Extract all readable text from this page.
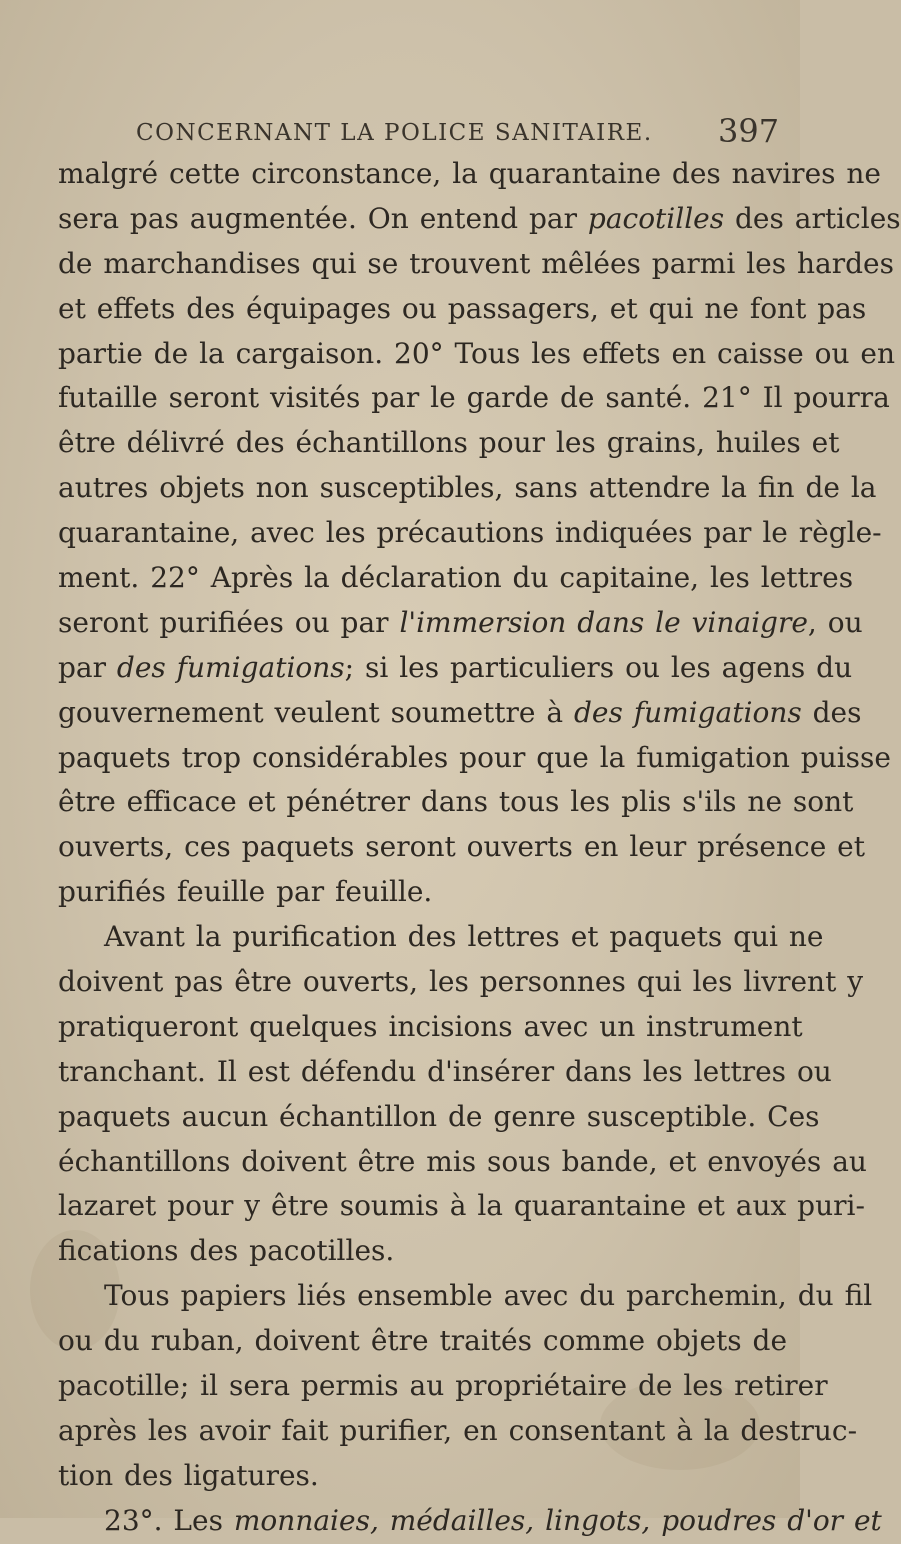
CONCERNANT LA POLICE SANITAIRE. 397
malgré cette circonstance, la quarantaine des navires ne
sera pas augmentée. On entend par pacotilles des articles
de marchandises qui se trouvent mêlées parmi les hardes
et effets des équipages ou passagers, et qui ne font pas
partie de la cargaison. 20° Tous les effets en caisse ou en
futaille seront visités par le garde de santé. 21° Il pourra
être délivré des échantillons pour les grains, huiles et
autres objets non susceptibles, sans attendre la fin de la
quarantaine, avec les précautions indiquées par le règle-
ment. 22° Après la déclaration du capitaine, les lettres
seront purifiées ou par l'immersion dans le vinaigre, ou
par des fumigations; si les particuliers ou les agens du
gouvernement veulent soumettre à des fumigations des
paquets trop considérables pour que la fumigation puisse
être efficace et pénétrer dans tous les plis s'ils ne sont
ouverts, ces paquets seront ouverts en leur présence et
purifiés feuille par feuille.
Avant la purification des lettres et paquets qui ne
doivent pas être ouverts, les personnes qui les livrent y
pratiqueront quelques incisions avec un instrument
tranchant. Il est défendu d'insérer dans les lettres ou
paquets aucun échantillon de genre susceptible. Ces
échantillons doivent être mis sous bande, et envoyés au
lazaret pour y être soumis à la quarantaine et aux puri-
fications des pacotilles.
Tous papiers liés ensemble avec du parchemin, du fil
ou du ruban, doivent être traités comme objets de
pacotille; il sera permis au propriétaire de les retirer
après les avoir fait purifier, en consentant à la destruc-
tion des ligatures.
23°. Les monnaies, médailles, lingots, poudres d'or et
